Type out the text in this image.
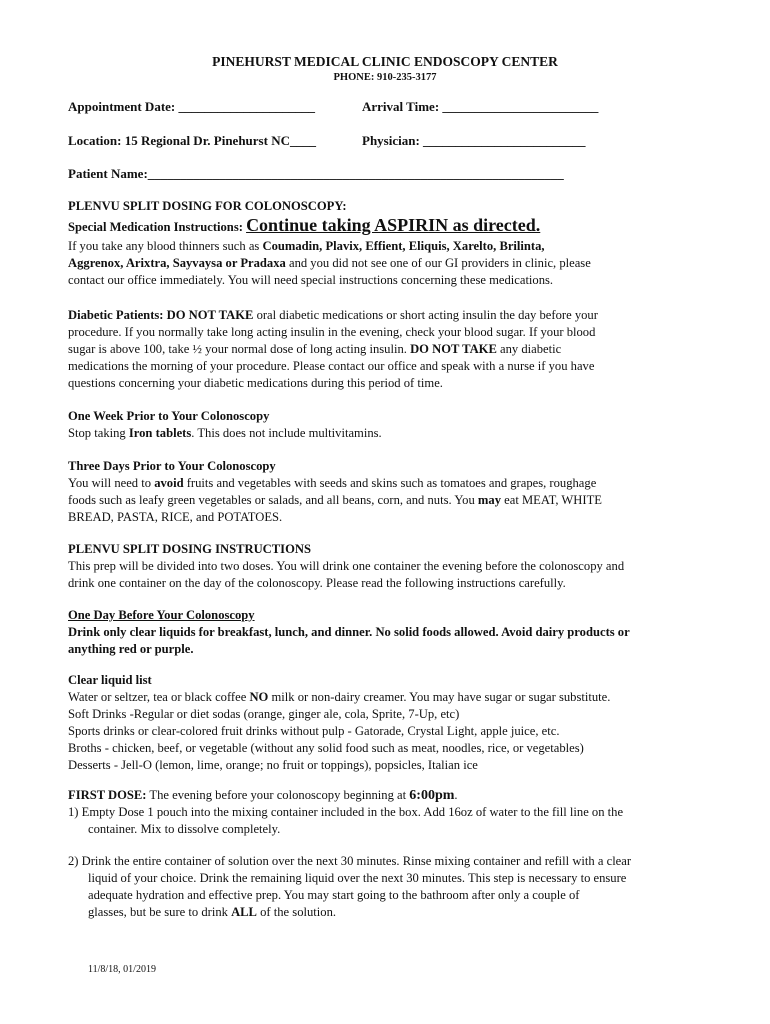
PINEHURST MEDICAL CLINIC ENDOSCOPY CENTER
PHONE: 910-235-3177
Appointment Date: _____________________	Arrival Time: ________________________
Location: 15 Regional Dr. Pinehurst NC____	Physician: _________________________
Patient Name:________________________________________________________________
PLENVU SPLIT DOSING FOR COLONOSCOPY:
Special Medication Instructions: Continue taking ASPIRIN as directed.
If you take any blood thinners such as Coumadin, Plavix, Effient, Eliquis, Xarelto, Brilinta,
Aggrenox, Arixtra, Sayvaysa or Pradaxa and you did not see one of our GI providers in clinic, please
contact our office immediately. You will need special instructions concerning these medications.
Diabetic Patients: DO NOT TAKE oral diabetic medications or short acting insulin the day before your
procedure. If you normally take long acting insulin in the evening, check your blood sugar. If your blood
sugar is above 100, take ½ your normal dose of long acting insulin. DO NOT TAKE any diabetic
medications the morning of your procedure. Please contact our office and speak with a nurse if you have
questions concerning your diabetic medications during this period of time.
One Week Prior to Your Colonoscopy
Stop taking Iron tablets. This does not include multivitamins.
Three Days Prior to Your Colonoscopy
You will need to avoid fruits and vegetables with seeds and skins such as tomatoes and grapes, roughage
foods such as leafy green vegetables or salads, and all beans, corn, and nuts. You may eat MEAT, WHITE
BREAD, PASTA, RICE, and POTATOES.
PLENVU SPLIT DOSING INSTRUCTIONS
This prep will be divided into two doses. You will drink one container the evening before the colonoscopy and
drink one container on the day of the colonoscopy. Please read the following instructions carefully.
One Day Before Your Colonoscopy
Drink only clear liquids for breakfast, lunch, and dinner. No solid foods allowed. Avoid dairy products or
anything red or purple.
Clear liquid list
Water or seltzer, tea or black coffee NO milk or non-dairy creamer. You may have sugar or sugar substitute.
Soft Drinks -Regular or diet sodas (orange, ginger ale, cola, Sprite, 7-Up, etc)
Sports drinks or clear-colored fruit drinks without pulp - Gatorade, Crystal Light, apple juice, etc.
Broths - chicken, beef, or vegetable (without any solid food such as meat, noodles, rice, or vegetables)
Desserts - Jell-O (lemon, lime, orange; no fruit or toppings), popsicles, Italian ice
FIRST DOSE: The evening before your colonoscopy beginning at 6:00pm.
1) Empty Dose 1 pouch into the mixing container included in the box. Add 16oz of water to the fill line on the
container. Mix to dissolve completely.
2) Drink the entire container of solution over the next 30 minutes. Rinse mixing container and refill with a clear
liquid of your choice. Drink the remaining liquid over the next 30 minutes. This step is necessary to ensure
adequate hydration and effective prep. You may start going to the bathroom after only a couple of
glasses, but be sure to drink ALL of the solution.
11/8/18, 01/2019
